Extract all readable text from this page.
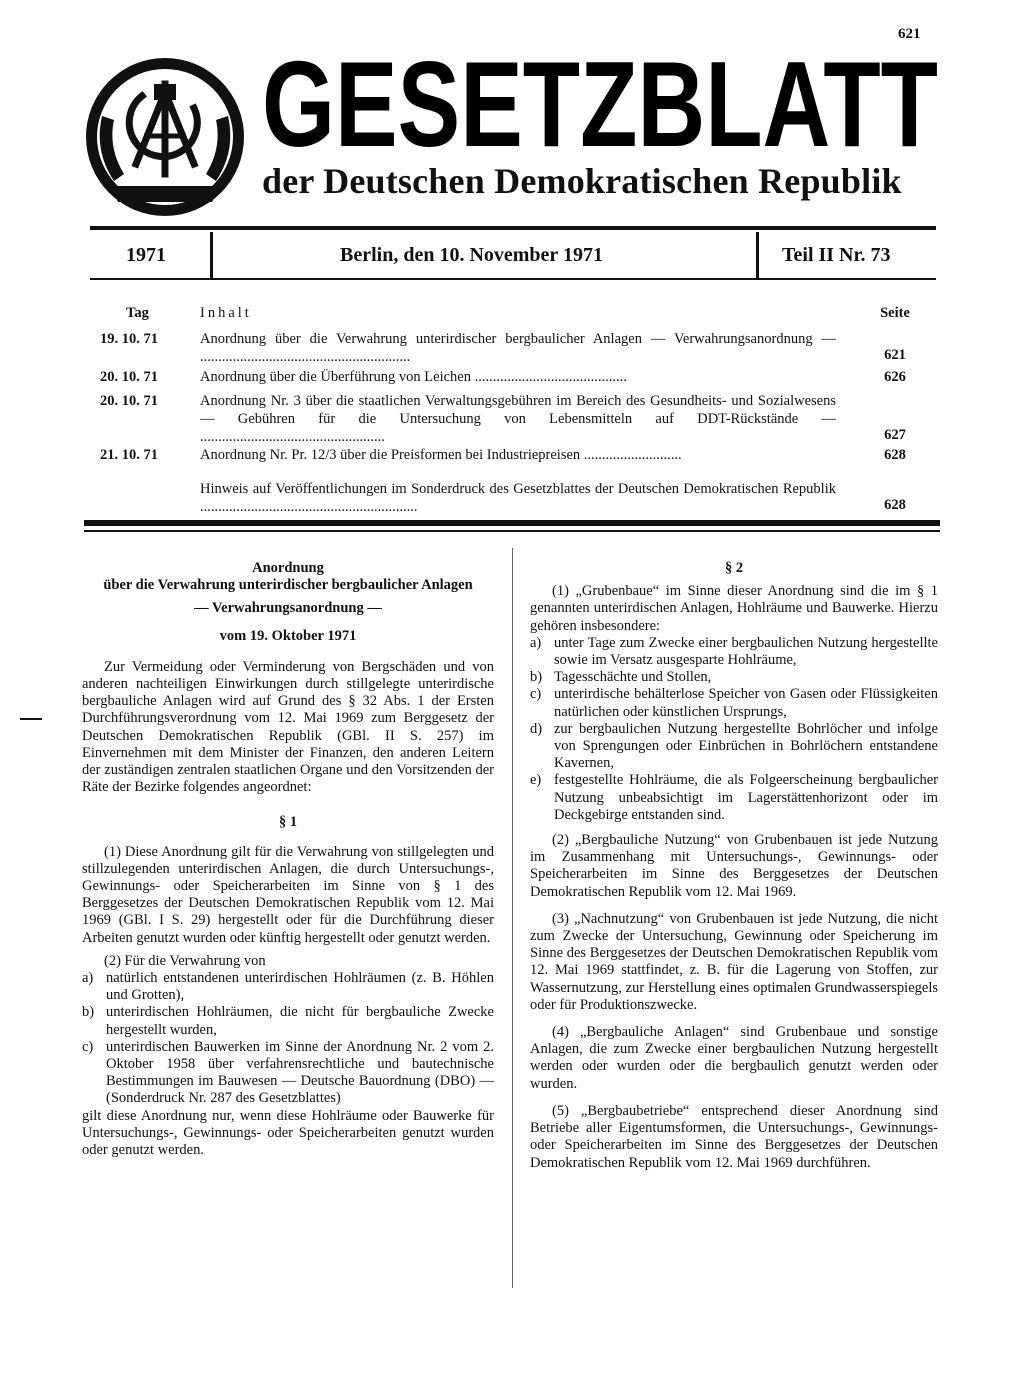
621
GESETZBLATT
der Deutschen Demokratischen Republik
1971	Berlin, den 10. November 1971	Teil II Nr. 73
Tag	Inhalt	Seite
19. 10. 71	Anordnung über die Verwahrung unterirdischer bergbaulicher Anlagen — Verwahrungsanordnung — ..........................................................	621
20. 10. 71	Anordnung über die Überführung von Leichen ..........................................	626
20. 10. 71	Anordnung Nr. 3 über die staatlichen Verwaltungsgebühren im Bereich des Gesundheits- und Sozialwesens — Gebühren für die Untersuchung von Lebensmitteln auf DDT-Rückstände — ...................................................	627
21. 10. 71	Anordnung Nr. Pr. 12/3 über die Preisformen bei Industriepreisen ...........................	628
Hinweis auf Veröffentlichungen im Sonderdruck des Gesetzblattes der Deutschen Demokratischen Republik ............................................................	628

Anordnung

über die Verwahrung unterirdischer bergbaulicher Anlagen

— Verwahrungsanordnung —

vom 19. Oktober 1971

Zur Vermeidung oder Verminderung von Bergschäden und von anderen nachteiligen Einwirkungen durch stillgelegte unterirdische bergbauliche Anlagen wird auf Grund des § 32 Abs. 1 der Ersten Durchführungsverordnung vom 12. Mai 1969 zum Berggesetz der Deutschen Demokratischen Republik (GBl. II S. 257) im Einvernehmen mit dem Minister der Finanzen, den anderen Leitern der zuständigen zentralen staatlichen Organe und den Vorsitzenden der Räte der Bezirke folgendes angeordnet:

§ 1

(1) Diese Anordnung gilt für die Verwahrung von stillgelegten und stillzulegenden unterirdischen Anlagen, die durch Untersuchungs-, Gewinnungs- oder Speicherarbeiten im Sinne von § 1 des Berggesetzes der Deutschen Demokratischen Republik vom 12. Mai 1969 (GBl. I S. 29) hergestellt oder für die Durchführung dieser Arbeiten genutzt wurden oder künftig hergestellt oder genutzt werden.

(2) Für die Verwahrung von

a) natürlich entstandenen unterirdischen Hohlräumen (z. B. Höhlen und Grotten),
b) unterirdischen Hohlräumen, die nicht für bergbauliche Zwecke hergestellt wurden,
c) unterirdischen Bauwerken im Sinne der Anordnung Nr. 2 vom 2. Oktober 1958 über verfahrensrechtliche und bautechnische Bestimmungen im Bauwesen — Deutsche Bauordnung (DBO) — (Sonderdruck Nr. 287 des Gesetzblattes)

gilt diese Anordnung nur, wenn diese Hohlräume oder Bauwerke für Untersuchungs-, Gewinnungs- oder Speicherarbeiten genutzt wurden oder genutzt werden.

§ 2

(1) „Grubenbaue“ im Sinne dieser Anordnung sind die im § 1 genannten unterirdischen Anlagen, Hohlräume und Bauwerke. Hierzu gehören insbesondere:

a) unter Tage zum Zwecke einer bergbaulichen Nutzung hergestellte sowie im Versatz ausgesparte Hohlräume,
b) Tagesschächte und Stollen,
c) unterirdische behälterlose Speicher von Gasen oder Flüssigkeiten natürlichen oder künstlichen Ursprungs,
d) zur bergbaulichen Nutzung hergestellte Bohrlöcher und infolge von Sprengungen oder Einbrüchen in Bohrlöchern entstandene Kavernen,
e) festgestellte Hohlräume, die als Folgeerscheinung bergbaulicher Nutzung unbeabsichtigt im Lagerstättenhorizont oder im Deckgebirge entstanden sind.

(2) „Bergbauliche Nutzung“ von Grubenbauen ist jede Nutzung im Zusammenhang mit Untersuchungs-, Gewinnungs- oder Speicherarbeiten im Sinne des Berggesetzes der Deutschen Demokratischen Republik vom 12. Mai 1969.

(3) „Nachnutzung“ von Grubenbauen ist jede Nutzung, die nicht zum Zwecke der Untersuchung, Gewinnung oder Speicherung im Sinne des Berggesetzes der Deutschen Demokratischen Republik vom 12. Mai 1969 stattfindet, z. B. für die Lagerung von Stoffen, zur Wassernutzung, zur Herstellung eines optimalen Grundwasserspiegels oder für Produktionszwecke.

(4) „Bergbauliche Anlagen“ sind Grubenbaue und sonstige Anlagen, die zum Zwecke einer bergbaulichen Nutzung hergestellt werden oder wurden oder die bergbaulich genutzt werden oder wurden.

(5) „Bergbaubetriebe“ entsprechend dieser Anordnung sind Betriebe aller Eigentumsformen, die Untersuchungs-, Gewinnungs- oder Speicherarbeiten im Sinne des Berggesetzes der Deutschen Demokratischen Republik vom 12. Mai 1969 durchführen.
